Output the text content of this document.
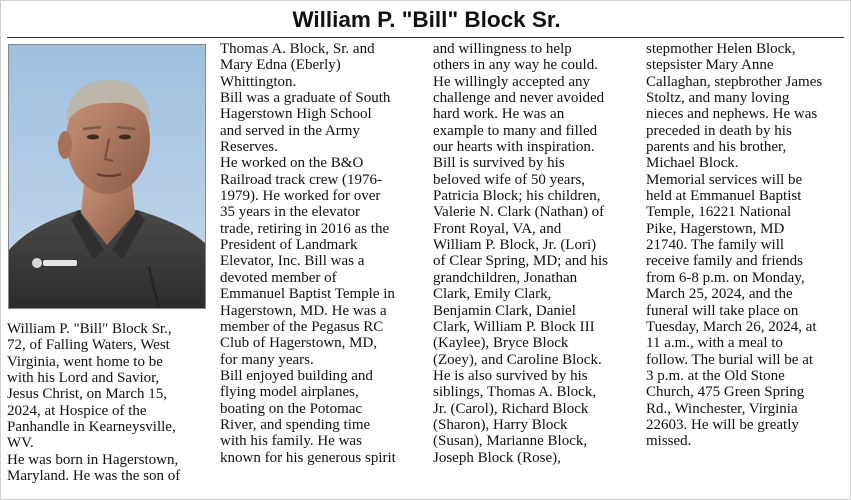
William P. "Bill" Block Sr.

William P. "Bill" Block Sr.,
72, of Falling Waters, West
Virginia, went home to be
with his Lord and Savior,
Jesus Christ, on March 15,
2024, at Hospice of the
Panhandle in Kearneysville,
WV.

He was born in Hagerstown,
Maryland. He was the son of

Thomas A. Block, Sr. and
Mary Edna (Eberly)
Whittington.

Bill was a graduate of South
Hagerstown High School
and served in the Army
Reserves.

He worked on the B&O
Railroad track crew (1976-
1979). He worked for over
35 years in the elevator
trade, retiring in 2016 as the
President of Landmark
Elevator, Inc. Bill was a
devoted member of
Emmanuel Baptist Temple in
Hagerstown, MD. He was a
member of the Pegasus RC
Club of Hagerstown, MD,
for many years.

Bill enjoyed building and
flying model airplanes,
boating on the Potomac
River, and spending time
with his family. He was
known for his generous spirit

and willingness to help
others in any way he could.
He willingly accepted any
challenge and never avoided
hard work. He was an
example to many and filled
our hearts with inspiration.

Bill is survived by his
beloved wife of 50 years,
Patricia Block; his children,
Valerie N. Clark (Nathan) of
Front Royal, VA, and
William P. Block, Jr. (Lori)
of Clear Spring, MD; and his
grandchildren, Jonathan
Clark, Emily Clark,
Benjamin Clark, Daniel
Clark, William P. Block III
(Kaylee), Bryce Block
(Zoey), and Caroline Block.
He is also survived by his
siblings, Thomas A. Block,
Jr. (Carol), Richard Block
(Sharon), Harry Block
(Susan), Marianne Block,
Joseph Block (Rose),

stepmother Helen Block,
stepsister Mary Anne
Callaghan, stepbrother James
Stoltz, and many loving
nieces and nephews. He was
preceded in death by his
parents and his brother,
Michael Block.

Memorial services will be
held at Emmanuel Baptist
Temple, 16221 National
Pike, Hagerstown, MD
21740. The family will
receive family and friends
from 6-8 p.m. on Monday,
March 25, 2024, and the
funeral will take place on
Tuesday, March 26, 2024, at
11 a.m., with a meal to
follow. The burial will be at
3 p.m. at the Old Stone
Church, 475 Green Spring
Rd., Winchester, Virginia
22603. He will be greatly
missed.
